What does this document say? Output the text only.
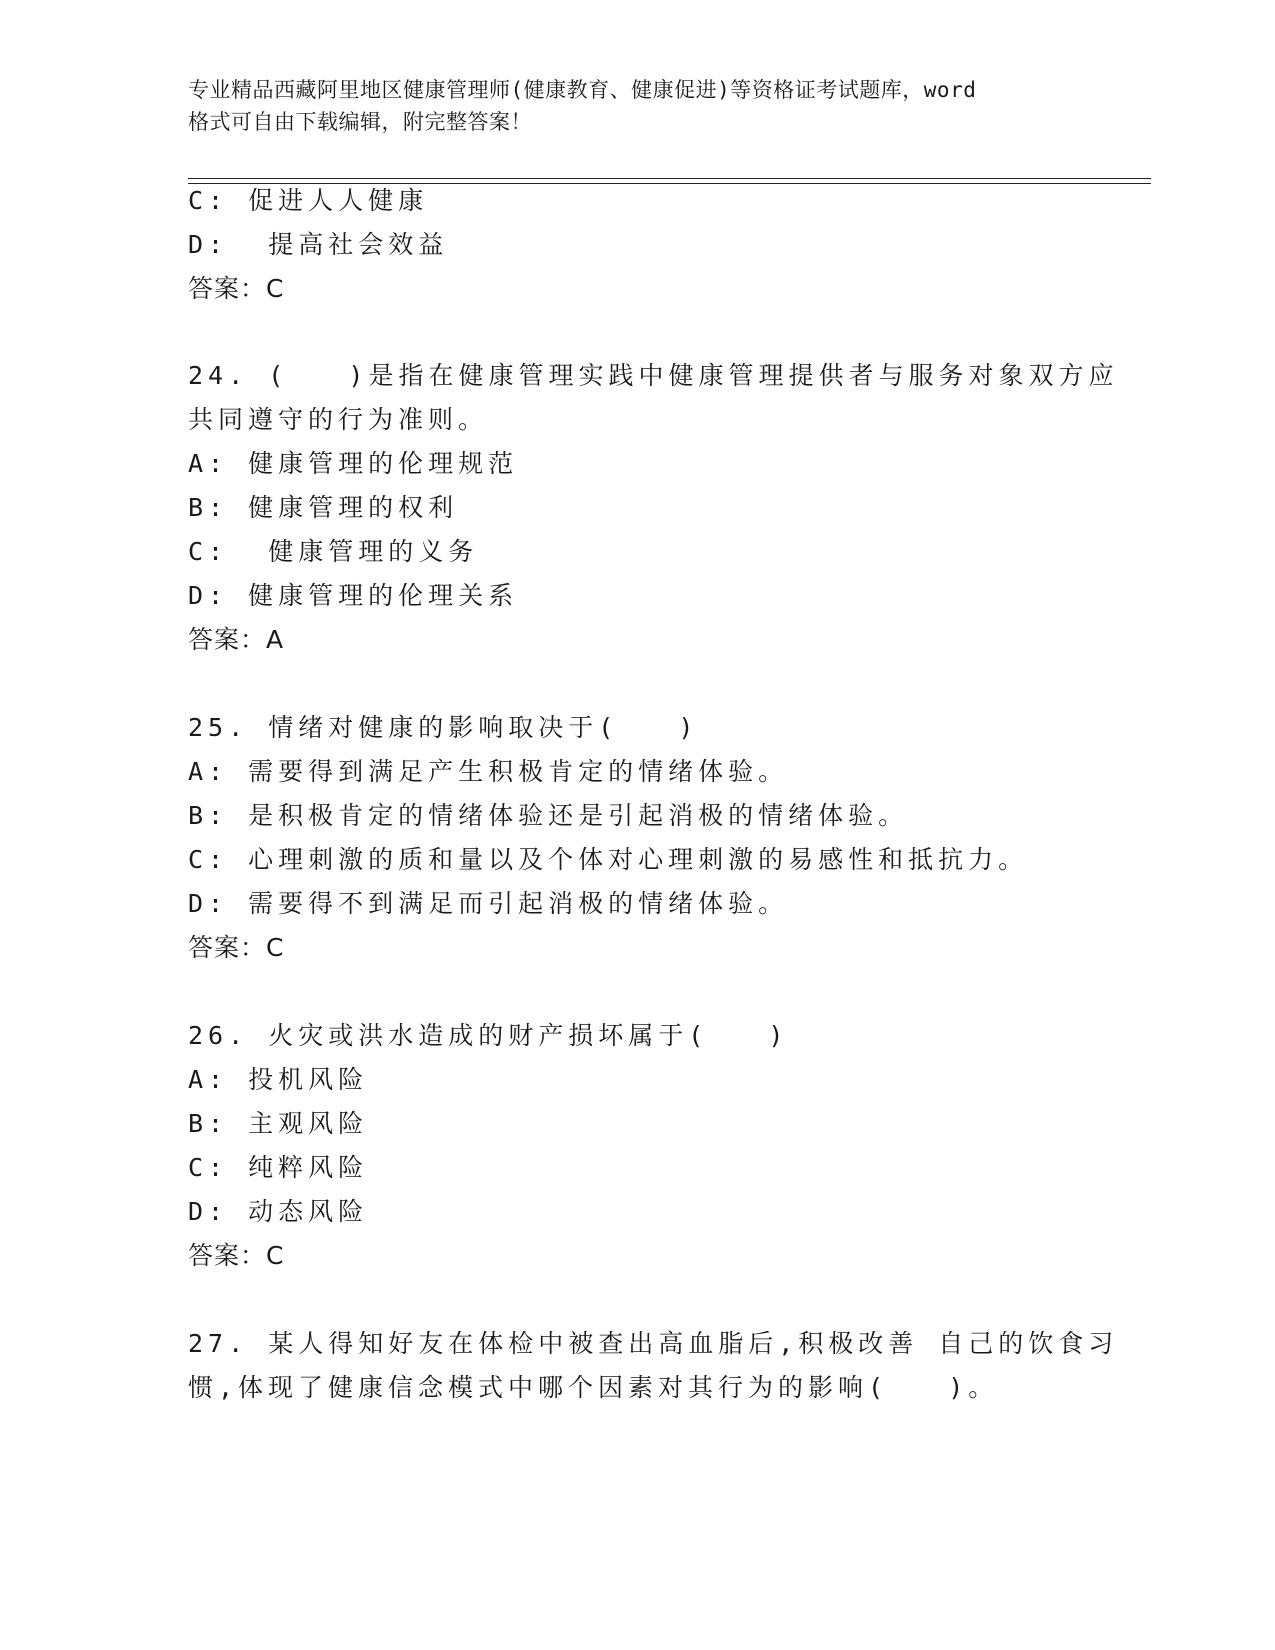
专业精品西藏阿里地区健康管理师(健康教育、健康促进)等资格证考试题库，word
格式可自由下载编辑，附完整答案！
C: 促进人人健康
D:  提高社会效益
答案：C
24. (   )是指在健康管理实践中健康管理提供者与服务对象双方应
共同遵守的行为准则。
A: 健康管理的伦理规范
B: 健康管理的权利
C:  健康管理的义务
D: 健康管理的伦理关系
答案：A
25. 情绪对健康的影响取决于(   )
A: 需要得到满足产生积极肯定的情绪体验。
B: 是积极肯定的情绪体验还是引起消极的情绪体验。
C: 心理刺激的质和量以及个体对心理刺激的易感性和抵抗力。
D: 需要得不到满足而引起消极的情绪体验。
答案：C
26. 火灾或洪水造成的财产损坏属于(   )
A: 投机风险
B: 主观风险
C: 纯粹风险
D: 动态风险
答案：C
27. 某人得知好友在体检中被查出高血脂后,积极改善 自己的饮食习
惯,体现了健康信念模式中哪个因素对其行为的影响(   )。
